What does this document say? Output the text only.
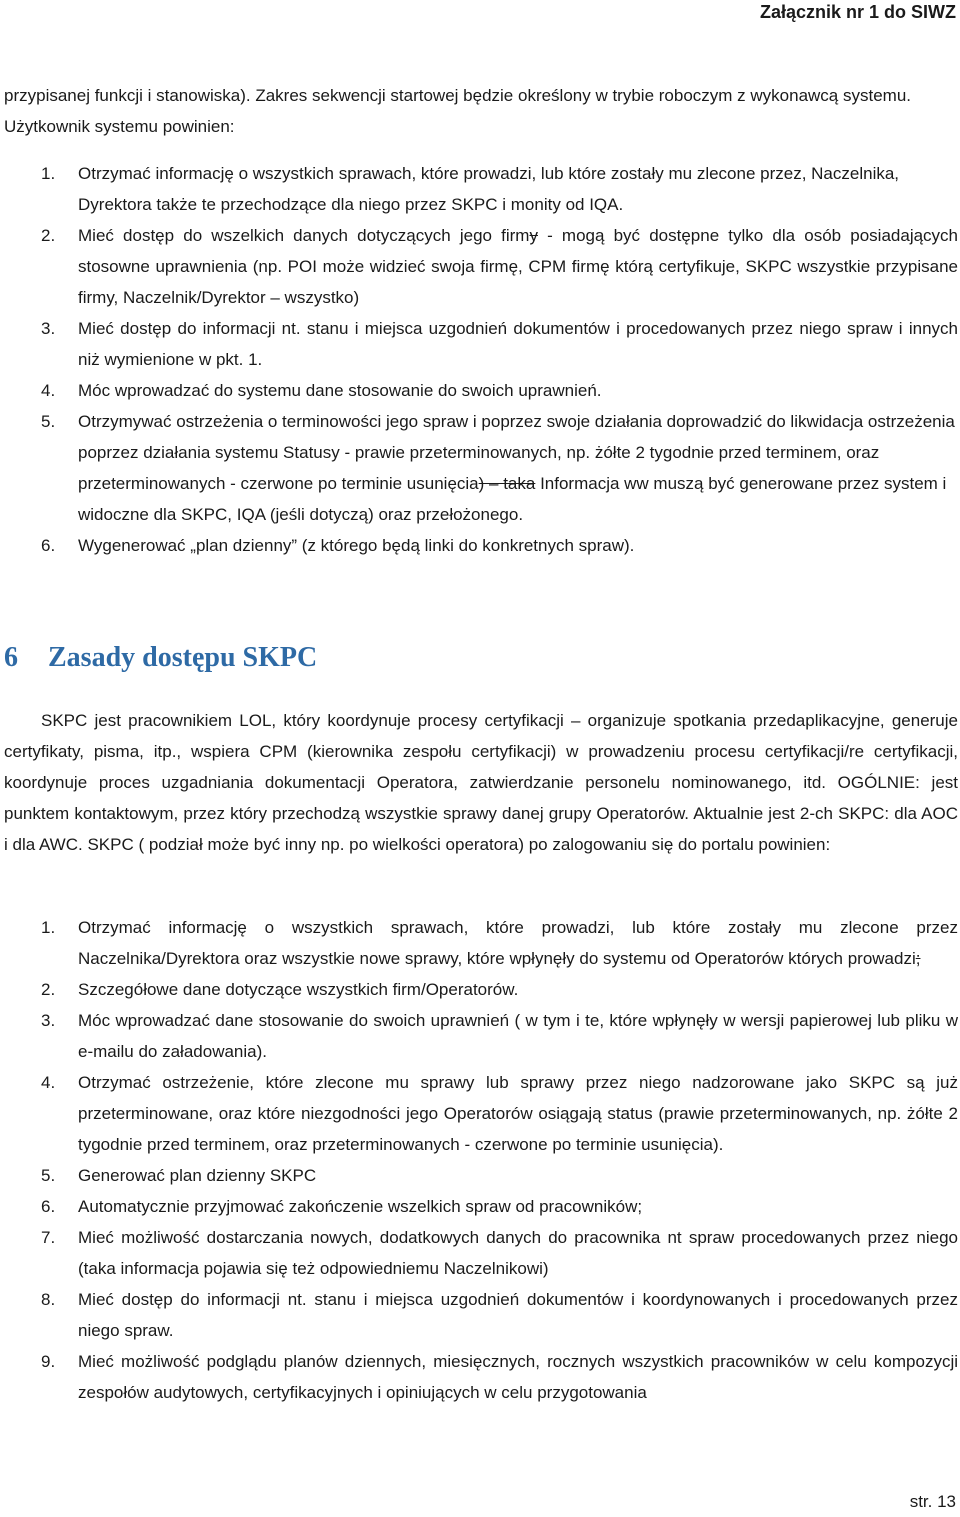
Załącznik nr 1 do SIWZ

przypisanej funkcji i stanowiska). Zakres sekwencji startowej będzie określony w trybie roboczym z wykonawcą systemu. Użytkownik systemu powinien:

1. Otrzymać informację o wszystkich sprawach, które prowadzi, lub które zostały mu zlecone przez, Naczelnika, Dyrektora także te przechodzące dla niego przez SKPC i monity od IQA.
2. Mieć dostęp do wszelkich danych dotyczących jego firmy - mogą być dostępne tylko dla osób posiadających stosowne uprawnienia (np. POI może widzieć swoja firmę, CPM firmę którą certyfikuje, SKPC wszystkie przypisane firmy, Naczelnik/Dyrektor – wszystko)
3. Mieć dostęp do informacji nt. stanu i miejsca uzgodnień dokumentów i procedowanych przez niego spraw i innych niż wymienione w pkt. 1.
4. Móc wprowadzać do systemu dane stosowanie do swoich uprawnień.
5. Otrzymywać ostrzeżenia o terminowości jego spraw i poprzez swoje działania doprowadzić do likwidacja ostrzeżenia poprzez działania systemu Statusy - prawie przeterminowanych, np. żółte 2 tygodnie przed terminem, oraz przeterminowanych - czerwone po terminie usunięcia) – taka Informacja ww muszą być generowane przez system i widoczne dla SKPC, IQA (jeśli dotyczą) oraz przełożonego.
6. Wygenerować „plan dzienny” (z którego będą linki do konkretnych spraw).
6 Zasady dostępu SKPC

SKPC jest pracownikiem LOL, który koordynuje procesy certyfikacji – organizuje spotkania przedaplikacyjne, generuje certyfikaty, pisma, itp., wspiera CPM (kierownika zespołu certyfikacji) w prowadzeniu procesu certyfikacji/re certyfikacji, koordynuje proces uzgadniania dokumentacji Operatora, zatwierdzanie personelu nominowanego, itd. OGÓLNIE: jest punktem kontaktowym, przez który przechodzą wszystkie sprawy danej grupy Operatorów. Aktualnie jest 2-ch SKPC: dla AOC i dla AWC. SKPC ( podział może być inny np. po wielkości operatora) po zalogowaniu się do portalu powinien:

1. Otrzymać informację o wszystkich sprawach, które prowadzi, lub które zostały mu zlecone przez Naczelnika/Dyrektora oraz wszystkie nowe sprawy, które wpłynęły do systemu od Operatorów których prowadzi;
2. Szczegółowe dane dotyczące wszystkich firm/Operatorów.
3. Móc wprowadzać dane stosowanie do swoich uprawnień ( w tym i te, które wpłynęły w wersji papierowej lub pliku w e-mailu do załadowania).
4. Otrzymać ostrzeżenie, które zlecone mu sprawy lub sprawy przez niego nadzorowane jako SKPC są już przeterminowane, oraz które niezgodności jego Operatorów osiągają status (prawie przeterminowanych, np. żółte 2 tygodnie przed terminem, oraz przeterminowanych - czerwone po terminie usunięcia).
5. Generować plan dzienny SKPC
6. Automatycznie przyjmować zakończenie wszelkich spraw od pracowników;
7. Mieć możliwość dostarczania nowych, dodatkowych danych do pracownika nt spraw procedowanych przez niego (taka informacja pojawia się też odpowiedniemu Naczelnikowi)
8. Mieć dostęp do informacji nt. stanu i miejsca uzgodnień dokumentów i koordynowanych i procedowanych przez niego spraw.
9. Mieć możliwość podglądu planów dziennych, miesięcznych, rocznych wszystkich pracowników w celu kompozycji zespołów audytowych, certyfikacyjnych i opiniujących w celu przygotowania
str. 13
